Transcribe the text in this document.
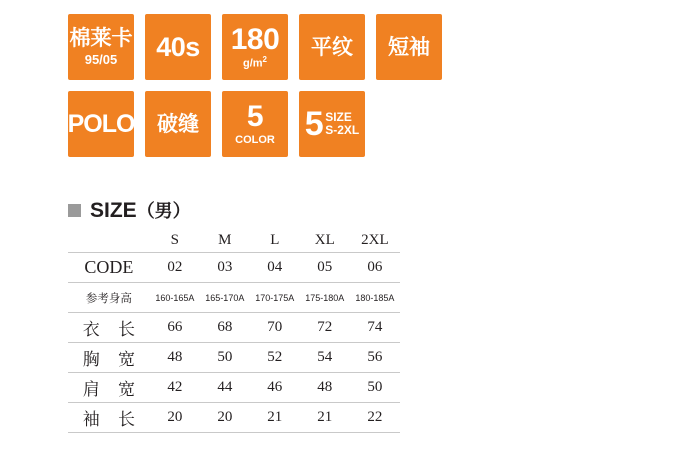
棉莱卡
95/05 40s 180
$g/m^2$
平纹 短袖
POLO 破缝 5
COLOR 5 SIZE
S-2XL
SIZE（男）
	S	M	L	XL	2XL
CODE	02	03	04	05	06
参考身高	160-165A	165-170A	170-175A	175-180A	180-185A
衣 长	66	68	70	72	74
胸 宽	48	50	52	54	56
肩 宽	42	44	46	48	50
袖 长	20	20	21	21	22
